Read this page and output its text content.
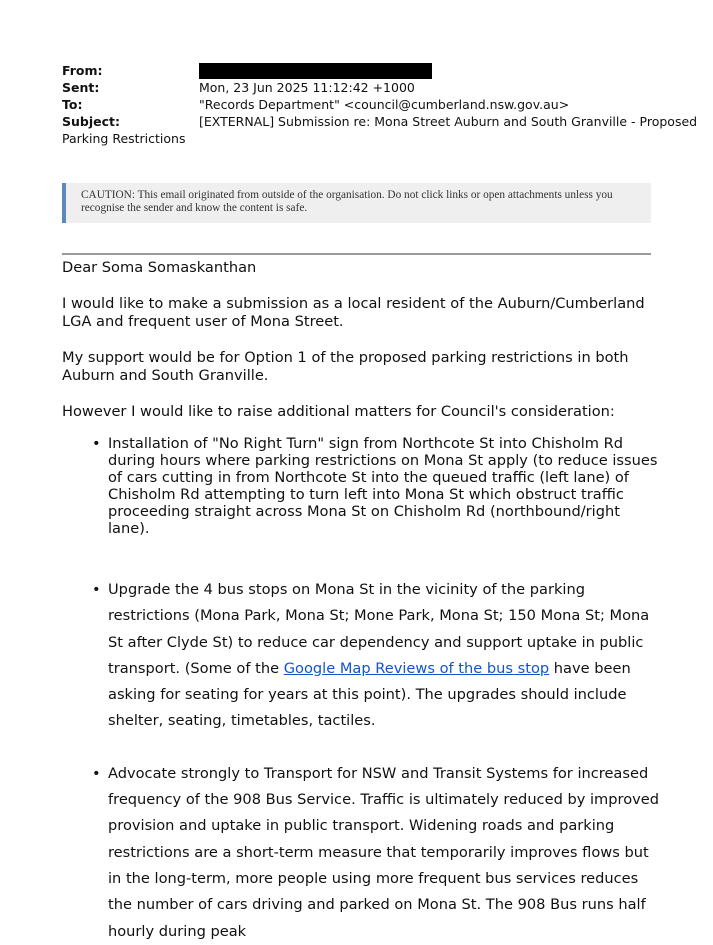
From:
Sent:	Mon, 23 Jun 2025 11:12:42 +1000
To:	"Records Department" <council@cumberland.nsw.gov.au>
Subject:	[EXTERNAL] Submission re: Mona Street Auburn and South Granville - Proposed
Parking Restrictions
CAUTION: This email originated from outside of the organisation. Do not click links or open attachments unless you
recognise the sender and know the content is safe.

Dear Soma Somaskanthan

I would like to make a submission as a local resident of the Auburn/Cumberland LGA and frequent user of Mona Street.

My support would be for Option 1 of the proposed parking restrictions in both Auburn and South Granville.

However I would like to raise additional matters for Council's consideration:

• Installation of "No Right Turn" sign from Northcote St into Chisholm Rd during hours where parking restrictions on Mona St apply (to reduce issues of cars cutting in from Northcote St into the queued traffic (left lane) of Chisholm Rd attempting to turn left into Mona St which obstruct traffic proceeding straight across Mona St on Chisholm Rd (northbound/right lane).
• Upgrade the 4 bus stops on Mona St in the vicinity of the parking restrictions (Mona Park, Mona St; Mone Park, Mona St; 150 Mona St; Mona St after Clyde St) to reduce car dependency and support uptake in public transport. (Some of the Google Map Reviews of the bus stop have been asking for seating for years at this point). The upgrades should include shelter, seating, timetables, tactiles.
• Advocate strongly to Transport for NSW and Transit Systems for increased frequency of the 908 Bus Service. Traffic is ultimately reduced by improved provision and uptake in public transport. Widening roads and parking restrictions are a short-term measure that temporarily improves flows but in the long-term, more people using more frequent bus services reduces the number of cars driving and parked on Mona St. The 908 Bus runs half hourly during peak
